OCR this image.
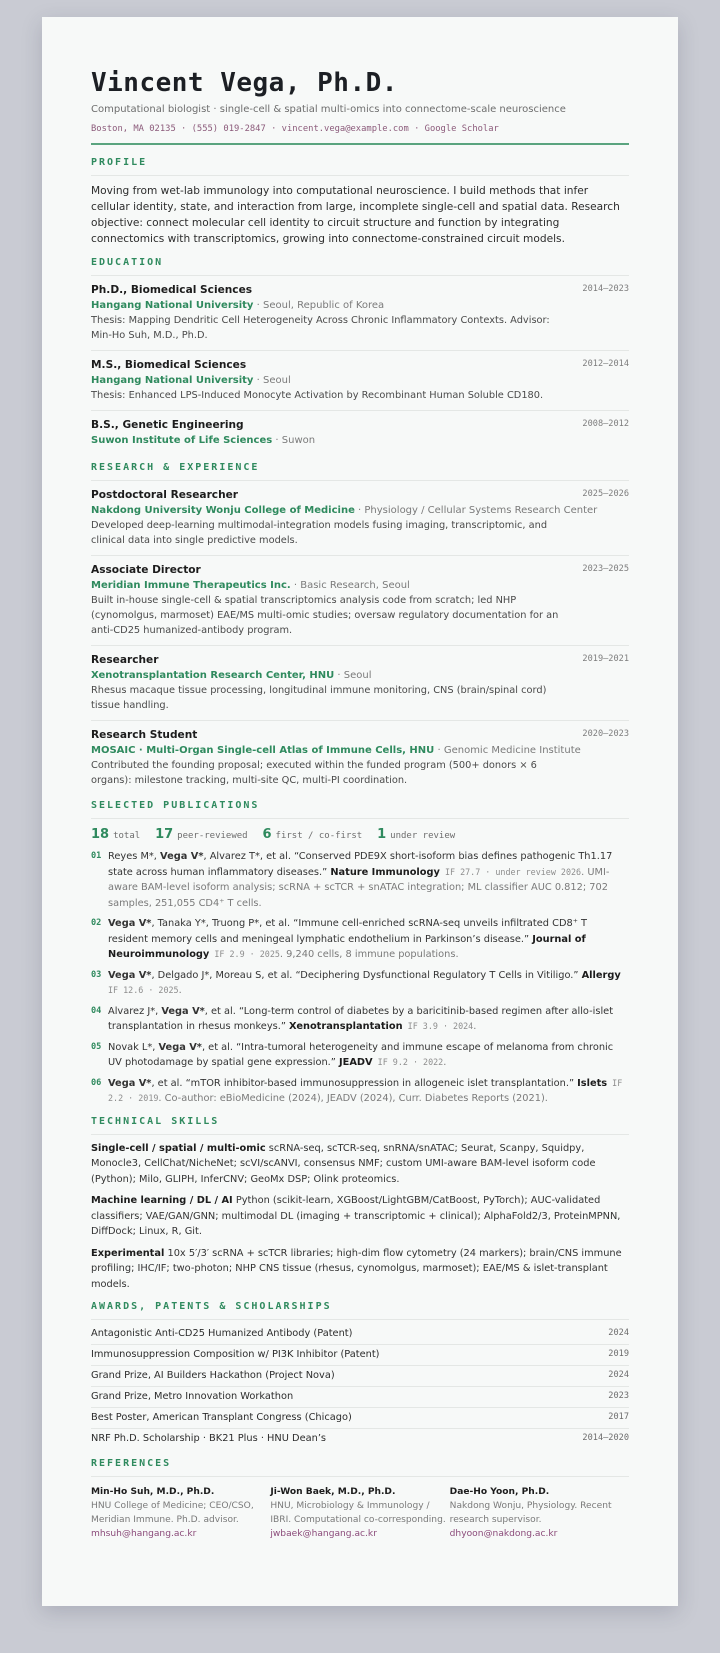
Vincent Vega, Ph.D.
Computational biologist · single-cell & spatial multi-omics into connectome-scale neuroscience
Boston, MA 02135 · (555) 019-2847 · vincent.vega@example.com · Google Scholar
PROFILE
Moving from wet-lab immunology into computational neuroscience. I build methods that infer cellular identity, state, and interaction from large, incomplete single-cell and spatial data. Research objective: connect molecular cell identity to circuit structure and function by integrating connectomics with transcriptomics, growing into connectome-constrained circuit models.
EDUCATION
Ph.D., Biomedical Sciences
Hangang National University · Seoul, Republic of Korea
Thesis: Mapping Dendritic Cell Heterogeneity Across Chronic Inflammatory Contexts. Advisor: Min-Ho Suh, M.D., Ph.D.
2014–2023
M.S., Biomedical Sciences
Hangang National University · Seoul
Thesis: Enhanced LPS-Induced Monocyte Activation by Recombinant Human Soluble CD180.
2012–2014
B.S., Genetic Engineering
Suwon Institute of Life Sciences · Suwon
2008–2012
RESEARCH & EXPERIENCE
Postdoctoral Researcher
Nakdong University Wonju College of Medicine · Physiology / Cellular Systems Research Center
Developed deep-learning multimodal-integration models fusing imaging, transcriptomic, and clinical data into single predictive models.
2025–2026
Associate Director
Meridian Immune Therapeutics Inc. · Basic Research, Seoul
Built in-house single-cell & spatial transcriptomics analysis code from scratch; led NHP (cynomolgus, marmoset) EAE/MS multi-omic studies; oversaw regulatory documentation for an anti-CD25 humanized-antibody program.
2023–2025
Researcher
Xenotransplantation Research Center, HNU · Seoul
Rhesus macaque tissue processing, longitudinal immune monitoring, CNS (brain/spinal cord) tissue handling.
2019–2021
Research Student
MOSAIC · Multi-Organ Single-cell Atlas of Immune Cells, HNU · Genomic Medicine Institute
Contributed the founding proposal; executed within the funded program (500+ donors × 6 organs): milestone tracking, multi-site QC, multi-PI coordination.
2020–2023
SELECTED PUBLICATIONS
18 total 17 peer-reviewed 6 first / co-first 1 under review
01 Reyes M*, Vega V*, Alvarez T*, et al. “Conserved PDE9X short-isoform bias defines pathogenic Th1.17 state across human inflammatory diseases.” Nature Immunology IF 27.7 · under review 2026. UMI-aware BAM-level isoform analysis; scRNA + scTCR + snATAC integration; ML classifier AUC 0.812; 702 samples, 251,055 CD4⁺ T cells.
02 Vega V*, Tanaka Y*, Truong P*, et al. “Immune cell-enriched scRNA-seq unveils infiltrated CD8⁺ T resident memory cells and meningeal lymphatic endothelium in Parkinson’s disease.” Journal of Neuroimmunology IF 2.9 · 2025. 9,240 cells, 8 immune populations.
03 Vega V*, Delgado J*, Moreau S, et al. “Deciphering Dysfunctional Regulatory T Cells in Vitiligo.” Allergy IF 12.6 · 2025.
04 Alvarez J*, Vega V*, et al. “Long-term control of diabetes by a baricitinib-based regimen after allo-islet transplantation in rhesus monkeys.” Xenotransplantation IF 3.9 · 2024.
05 Novak L*, Vega V*, et al. “Intra-tumoral heterogeneity and immune escape of melanoma from chronic UV photodamage by spatial gene expression.” JEADV IF 9.2 · 2022.
06 Vega V*, et al. “mTOR inhibitor-based immunosuppression in allogeneic islet transplantation.” Islets IF 2.2 · 2019. Co-author: eBioMedicine (2024), JEADV (2024), Curr. Diabetes Reports (2021).
TECHNICAL SKILLS
Single-cell / spatial / multi-omic scRNA-seq, scTCR-seq, snRNA/snATAC; Seurat, Scanpy, Squidpy, Monocle3, CellChat/NicheNet; scVI/scANVI, consensus NMF; custom UMI-aware BAM-level isoform code (Python); Milo, GLIPH, InferCNV; GeoMx DSP; Olink proteomics.
Machine learning / DL / AI Python (scikit-learn, XGBoost/LightGBM/CatBoost, PyTorch); AUC-validated classifiers; VAE/GAN/GNN; multimodal DL (imaging + transcriptomic + clinical); AlphaFold2/3, ProteinMPNN, DiffDock; Linux, R, Git.
Experimental 10x 5′/3′ scRNA + scTCR libraries; high-dim flow cytometry (24 markers); brain/CNS immune profiling; IHC/IF; two-photon; NHP CNS tissue (rhesus, cynomolgus, marmoset); EAE/MS & islet-transplant models.
AWARDS, PATENTS & SCHOLARSHIPS
Antagonistic Anti-CD25 Humanized Antibody (Patent)	2024
Immunosuppression Composition w/ PI3K Inhibitor (Patent)	2019
Grand Prize, AI Builders Hackathon (Project Nova)	2024
Grand Prize, Metro Innovation Workathon	2023
Best Poster, American Transplant Congress (Chicago)	2017
NRF Ph.D. Scholarship · BK21 Plus · HNU Dean’s	2014–2020
REFERENCES
Min-Ho Suh, M.D., Ph.D.
HNU College of Medicine; CEO/CSO, Meridian Immune. Ph.D. advisor.
mhsuh@hangang.ac.kr
Ji-Won Baek, M.D., Ph.D.
HNU, Microbiology & Immunology / IBRI. Computational co-corresponding.
jwbaek@hangang.ac.kr
Dae-Ho Yoon, Ph.D.
Nakdong Wonju, Physiology. Recent research supervisor.
dhyoon@nakdong.ac.kr
